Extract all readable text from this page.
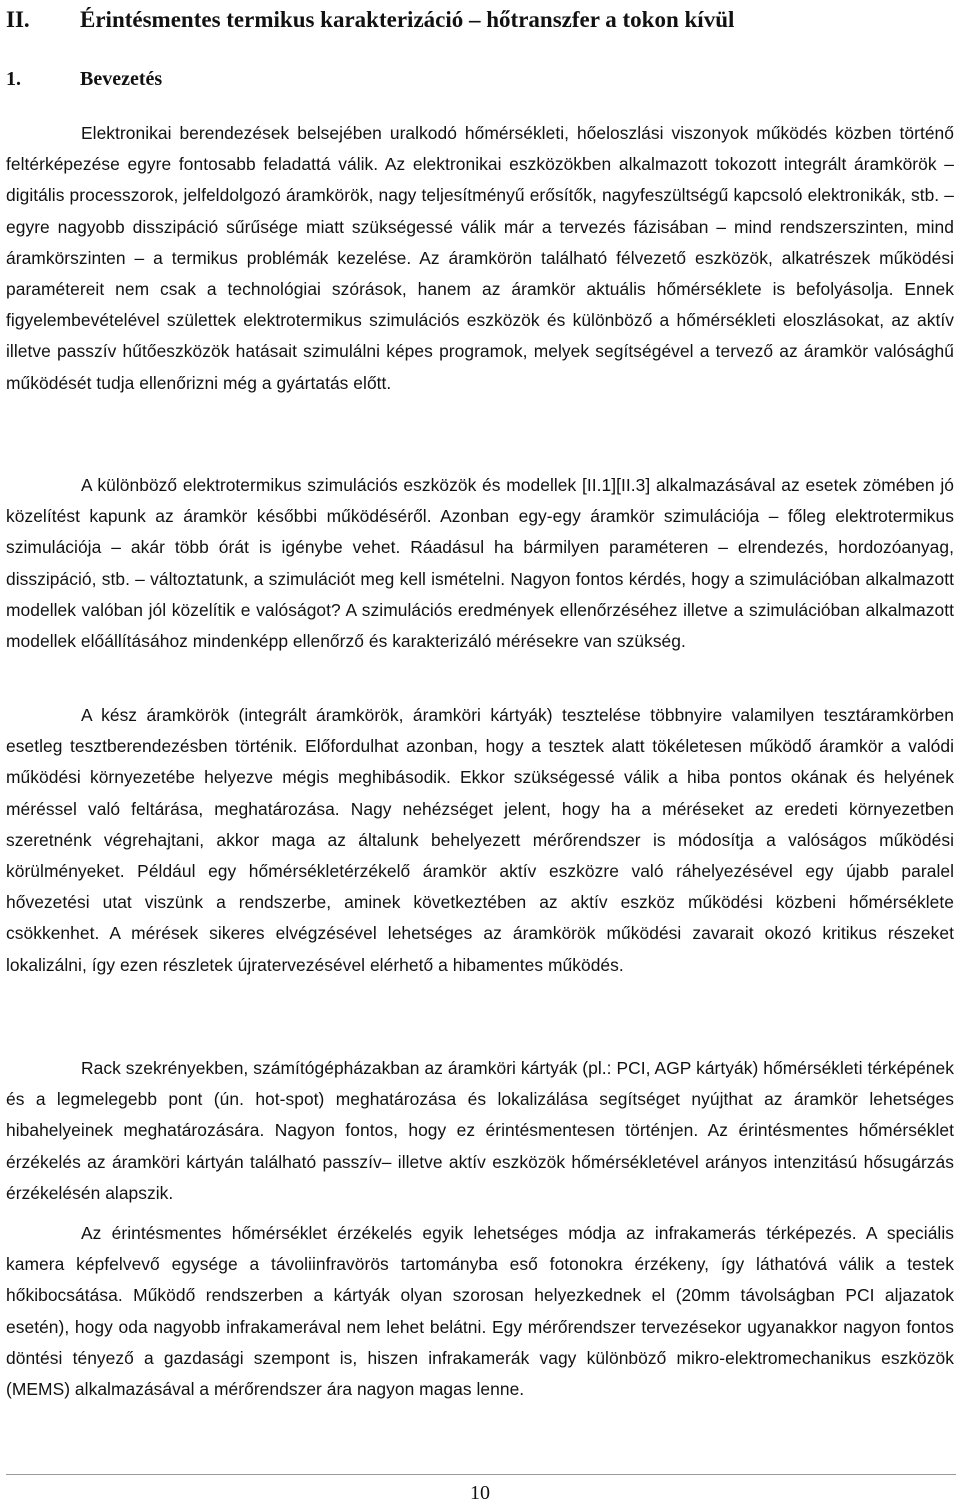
II. Érintésmentes termikus karakterizáció – hőtranszfer a tokon kívül
1.	Bevezetés

Elektronikai berendezések belsejében uralkodó hőmérsékleti, hőeloszlási viszonyok működés közben történő feltérképezése egyre fontosabb feladattá válik. Az elektronikai eszközökben alkalmazott tokozott integrált áramkörök – digitális processzorok, jelfeldolgozó áramkörök, nagy teljesítményű erősítők, nagyfeszültségű kapcsoló elektronikák, stb. – egyre nagyobb disszipáció sűrűsége miatt szükségessé válik már a tervezés fázisában – mind rendszerszinten, mind áramkörszinten – a termikus problémák kezelése. Az áramkörön található félvezető eszközök, alkatrészek működési paramétereit nem csak a technológiai szórások, hanem az áramkör aktuális hőmérséklete is befolyásolja. Ennek figyelembevételével születtek elektrotermikus szimulációs eszközök és különböző a hőmérsékleti eloszlásokat, az aktív illetve passzív hűtőeszközök hatásait szimulálni képes programok, melyek segítségével a tervező az áramkör valósághű működését tudja ellenőrizni még a gyártatás előtt.

A különböző elektrotermikus szimulációs eszközök és modellek [II.1][II.3] alkalmazásával az esetek zömében jó közelítést kapunk az áramkör későbbi működéséről. Azonban egy-egy áramkör szimulációja – főleg elektrotermikus szimulációja – akár több órát is igénybe vehet. Ráadásul ha bármilyen paraméteren – elrendezés, hordozóanyag, disszipáció, stb. – változtatunk, a szimulációt meg kell ismételni. Nagyon fontos kérdés, hogy a szimulációban alkalmazott modellek valóban jól közelítik e valóságot? A szimulációs eredmények ellenőrzéséhez illetve a szimulációban alkalmazott modellek előállításához mindenképp ellenőrző és karakterizáló mérésekre van szükség.

A kész áramkörök (integrált áramkörök, áramköri kártyák) tesztelése többnyire valamilyen tesztáramkörben esetleg tesztberendezésben történik. Előfordulhat azonban, hogy a tesztek alatt tökéletesen működő áramkör a valódi működési környezetébe helyezve mégis meghibásodik. Ekkor szükségessé válik a hiba pontos okának és helyének méréssel való feltárása, meghatározása. Nagy nehézséget jelent, hogy ha a méréseket az eredeti környezetben szeretnénk végrehajtani, akkor maga az általunk behelyezett mérőrendszer is módosítja a valóságos működési körülményeket. Például egy hőmérsékletérzékelő áramkör aktív eszközre való ráhelyezésével egy újabb paralel hővezetési utat viszünk a rendszerbe, aminek következtében az aktív eszköz működési közbeni hőmérséklete csökkenhet. A mérések sikeres elvégzésével lehetséges az áramkörök működési zavarait okozó kritikus részeket lokalizálni, így ezen részletek újratervezésével elérhető a hibamentes működés.

Rack szekrényekben, számítógépházakban az áramköri kártyák (pl.: PCI, AGP kártyák) hőmérsékleti térképének és a legmelegebb pont (ún. hot-spot) meghatározása és lokalizálása segítséget nyújthat az áramkör lehetséges hibahelyeinek meghatározására. Nagyon fontos, hogy ez érintésmentesen történjen. Az érintésmentes hőmérséklet érzékelés az áramköri kártyán található passzív– illetve aktív eszközök hőmérsékletével arányos intenzitású hősugárzás érzékelésén alapszik.

Az érintésmentes hőmérséklet érzékelés egyik lehetséges módja az infrakamerás térképezés. A speciális kamera képfelvevő egysége a távoliinfravörös tartományba eső fotonokra érzékeny, így láthatóvá válik a testek hőkibocsátása. Működő rendszerben a kártyák olyan szorosan helyezkednek el (20mm távolságban PCI aljazatok esetén), hogy oda nagyobb infrakamerával nem lehet belátni. Egy mérőrendszer tervezésekor ugyanakkor nagyon fontos döntési tényező a gazdasági szempont is, hiszen infrakamerák vagy különböző mikro-elektromechanikus eszközök (MEMS) alkalmazásával a mérőrendszer ára nagyon magas lenne.

10
